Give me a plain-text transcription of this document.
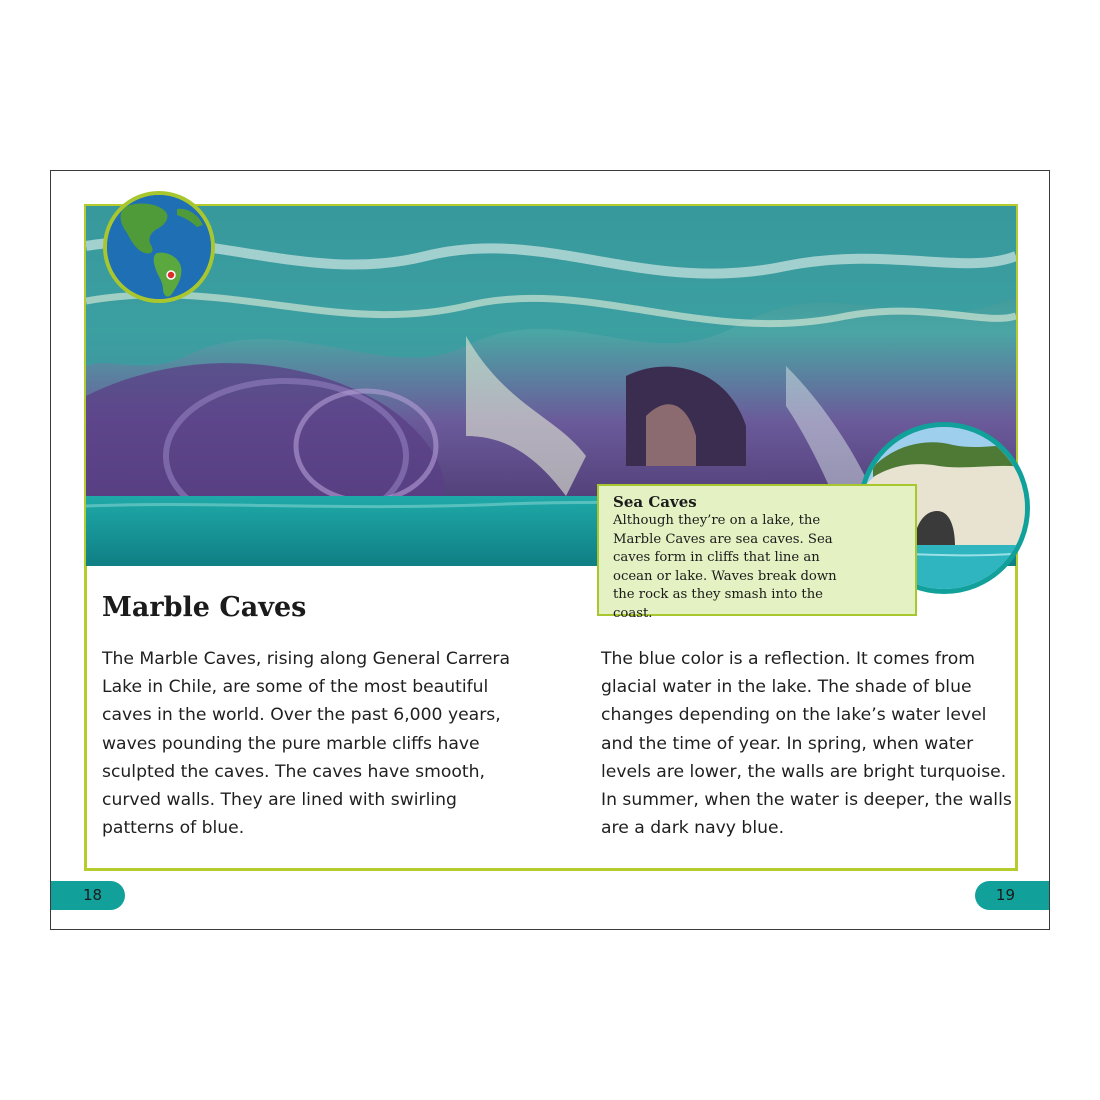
Sea Caves
Although they’re on a lake, the Marble Caves are sea caves. Sea caves form in cliffs that line an ocean or lake. Waves break down the rock as they smash into the coast.
Marble Caves
The Marble Caves, rising along General Carrera Lake in Chile, are some of the most beautiful caves in the world. Over the past 6,000 years, waves pounding the pure marble cliffs have sculpted the caves. The caves have smooth, curved walls. They are lined with swirling patterns of blue.
The blue color is a reflection. It comes from glacial water in the lake. The shade of blue changes depending on the lake’s water level and the time of year. In spring, when water levels are lower, the walls are bright turquoise. In summer, when the water is deeper, the walls are a dark navy blue.
18	19
